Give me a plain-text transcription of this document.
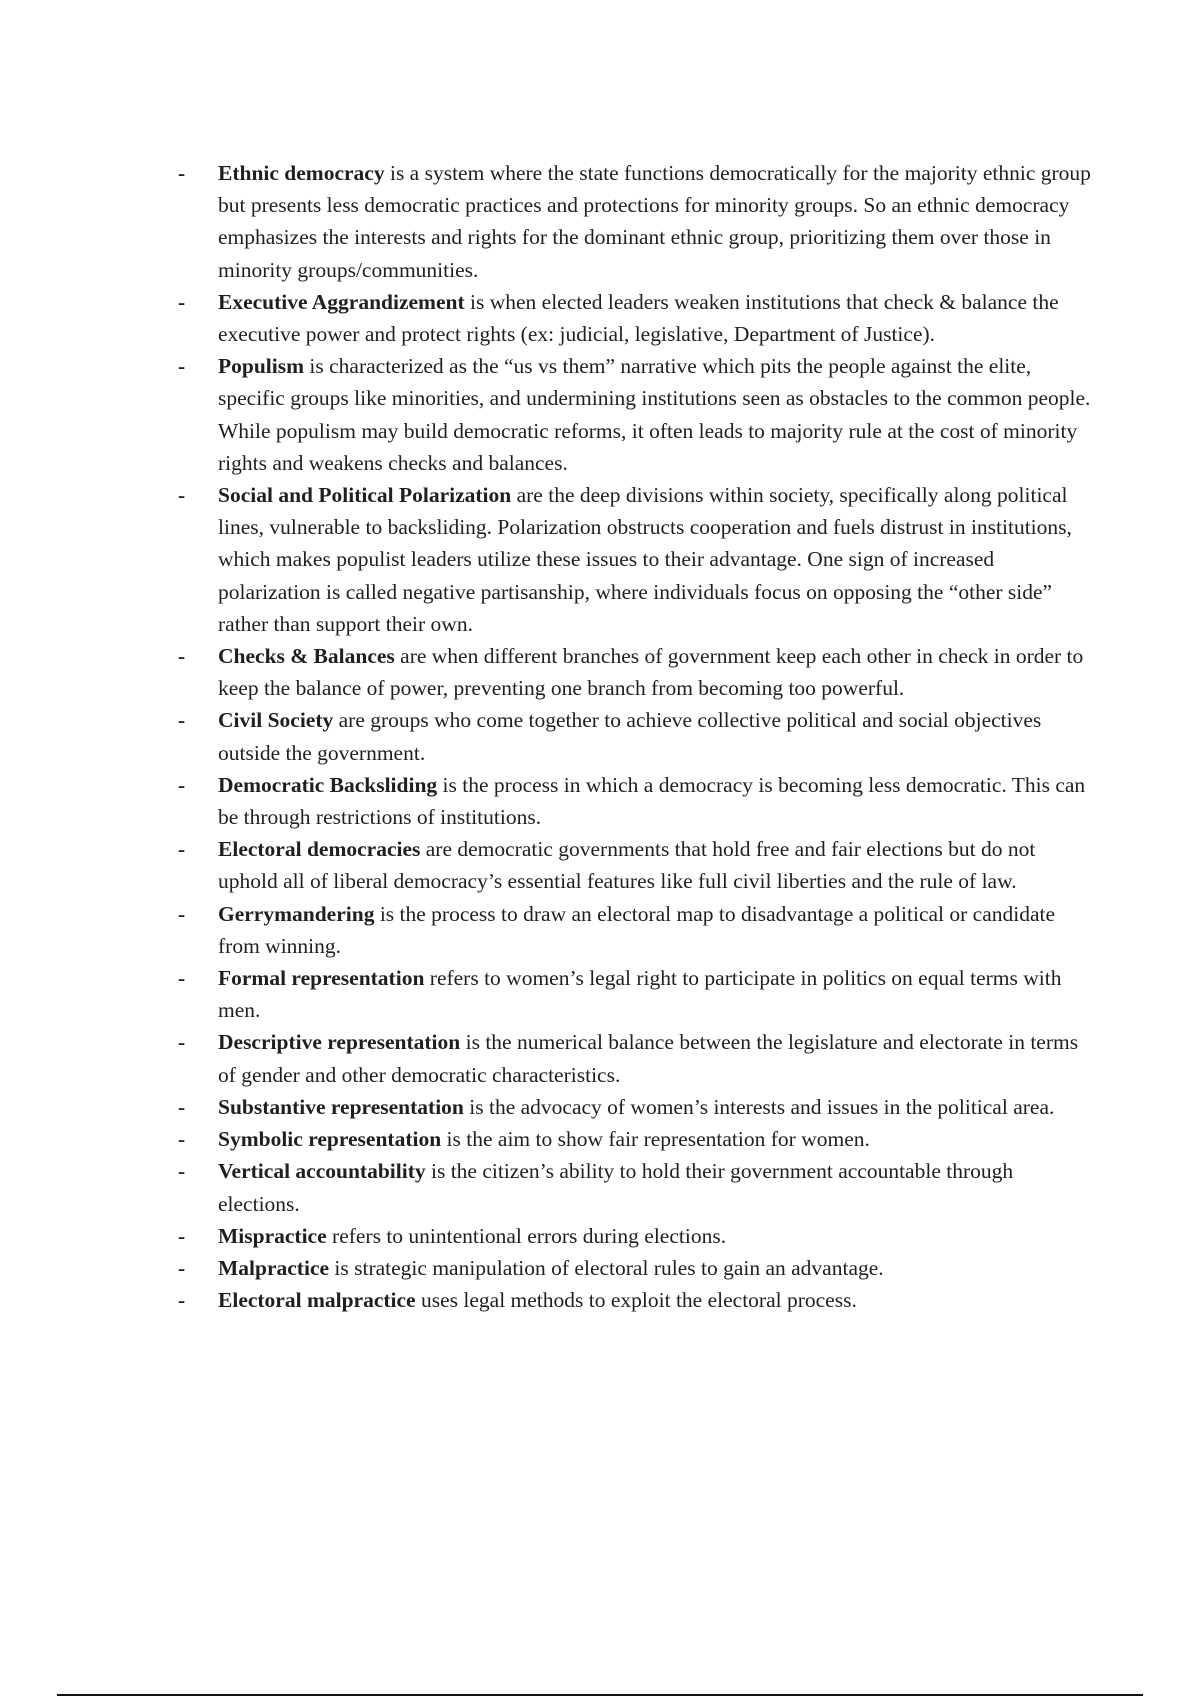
-	Ethnic democracy is a system where the state functions democratically for the majority ethnic group but presents less democratic practices and protections for minority groups. So an ethnic democracy emphasizes the interests and rights for the dominant ethnic group, prioritizing them over those in minority groups/communities.
-	Executive Aggrandizement is when elected leaders weaken institutions that check & balance the executive power and protect rights (ex: judicial, legislative, Department of Justice).
-	Populism is characterized as the “us vs them” narrative which pits the people against the elite, specific groups like minorities, and undermining institutions seen as obstacles to the common people. While populism may build democratic reforms, it often leads to majority rule at the cost of minority rights and weakens checks and balances.
-	Social and Political Polarization are the deep divisions within society, specifically along political lines, vulnerable to backsliding. Polarization obstructs cooperation and fuels distrust in institutions, which makes populist leaders utilize these issues to their advantage. One sign of increased polarization is called negative partisanship, where individuals focus on opposing the “other side” rather than support their own.
-	Checks & Balances are when different branches of government keep each other in check in order to keep the balance of power, preventing one branch from becoming too powerful.
-	Civil Society are groups who come together to achieve collective political and social objectives outside the government.
-	Democratic Backsliding is the process in which a democracy is becoming less democratic. This can be through restrictions of institutions.
-	Electoral democracies are democratic governments that hold free and fair elections but do not uphold all of liberal democracy’s essential features like full civil liberties and the rule of law.
-	Gerrymandering is the process to draw an electoral map to disadvantage a political or candidate from winning.
-	Formal representation refers to women’s legal right to participate in politics on equal terms with men.
-	Descriptive representation is the numerical balance between the legislature and electorate in terms of gender and other democratic characteristics.
-	Substantive representation is the advocacy of women’s interests and issues in the political area.
-	Symbolic representation is the aim to show fair representation for women.
-	Vertical accountability is the citizen’s ability to hold their government accountable through elections.
-	Mispractice refers to unintentional errors during elections.
-	Malpractice is strategic manipulation of electoral rules to gain an advantage.
-	Electoral malpractice uses legal methods to exploit the electoral process.
